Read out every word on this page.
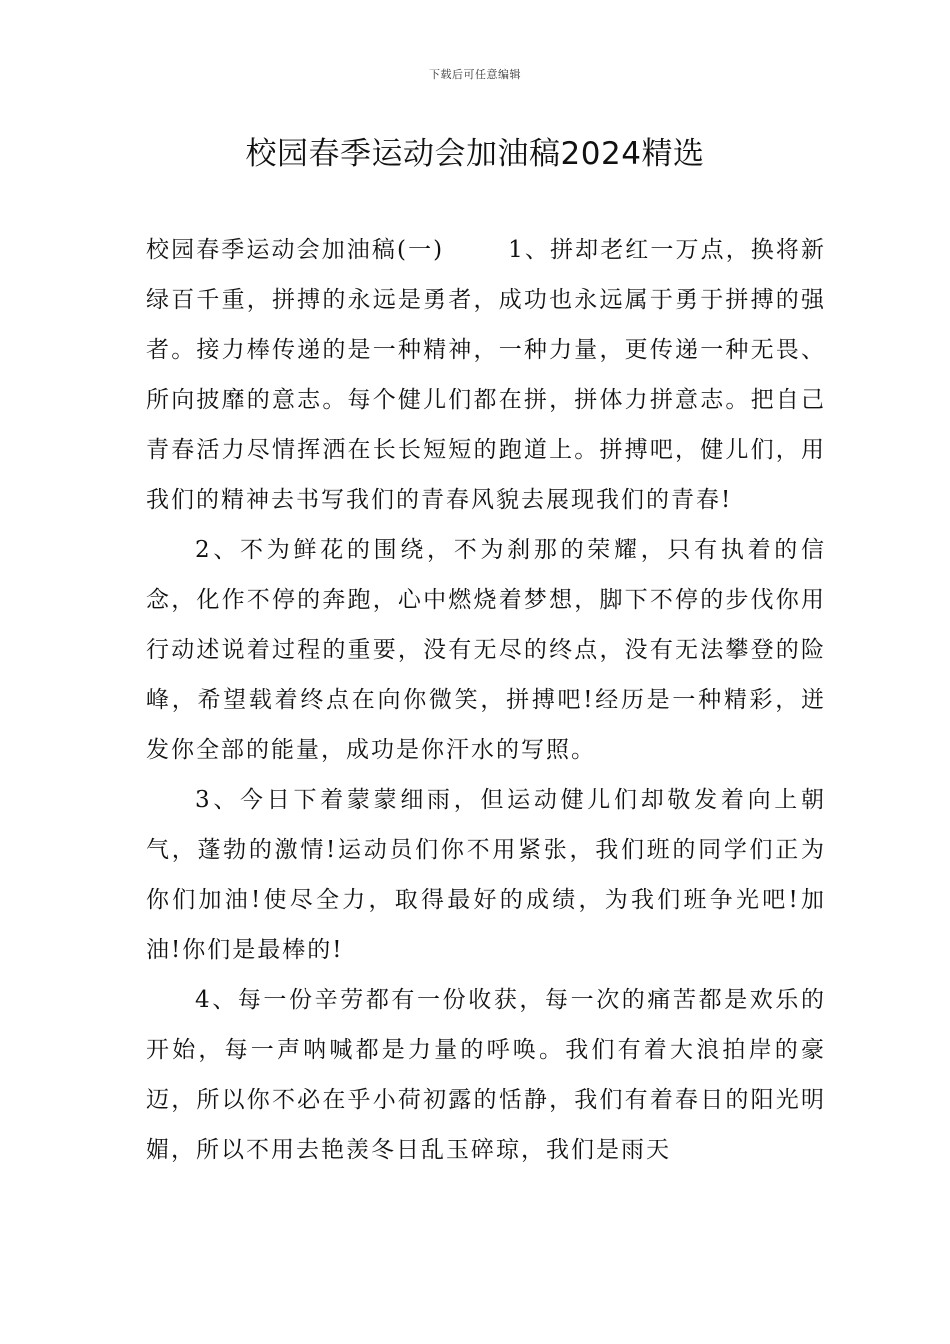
下载后可任意编辑
校园春季运动会加油稿2024精选

校园春季运动会加油稿(一)	1、拼却老红一万点，换将新绿百千重，拼搏的永远是勇者，成功也永远属于勇于拼搏的强者。接力棒传递的是一种精神，一种力量，更传递一种无畏、所向披靡的意志。每个健儿们都在拼，拼体力拼意志。把自己青春活力尽情挥洒在长长短短的跑道上。拼搏吧，健儿们，用我们的精神去书写我们的青春风貌去展现我们的青春!

2、不为鲜花的围绕，不为刹那的荣耀，只有执着的信念，化作不停的奔跑，心中燃烧着梦想，脚下不停的步伐你用行动述说着过程的重要，没有无尽的终点，没有无法攀登的险峰，希望载着终点在向你微笑，拼搏吧!经历是一种精彩，迸发你全部的能量，成功是你汗水的写照。

3、今日下着蒙蒙细雨，但运动健儿们却敬发着向上朝气，蓬勃的激情!运动员们你不用紧张，我们班的同学们正为你们加油!使尽全力，取得最好的成绩，为我们班争光吧!加油!你们是最棒的!

4、每一份辛劳都有一份收获，每一次的痛苦都是欢乐的开始，每一声呐喊都是力量的呼唤。我们有着大浪拍岸的豪迈，所以你不必在乎小荷初露的恬静，我们有着春日的阳光明媚，所以不用去艳羡冬日乱玉碎琼，我们是雨天
